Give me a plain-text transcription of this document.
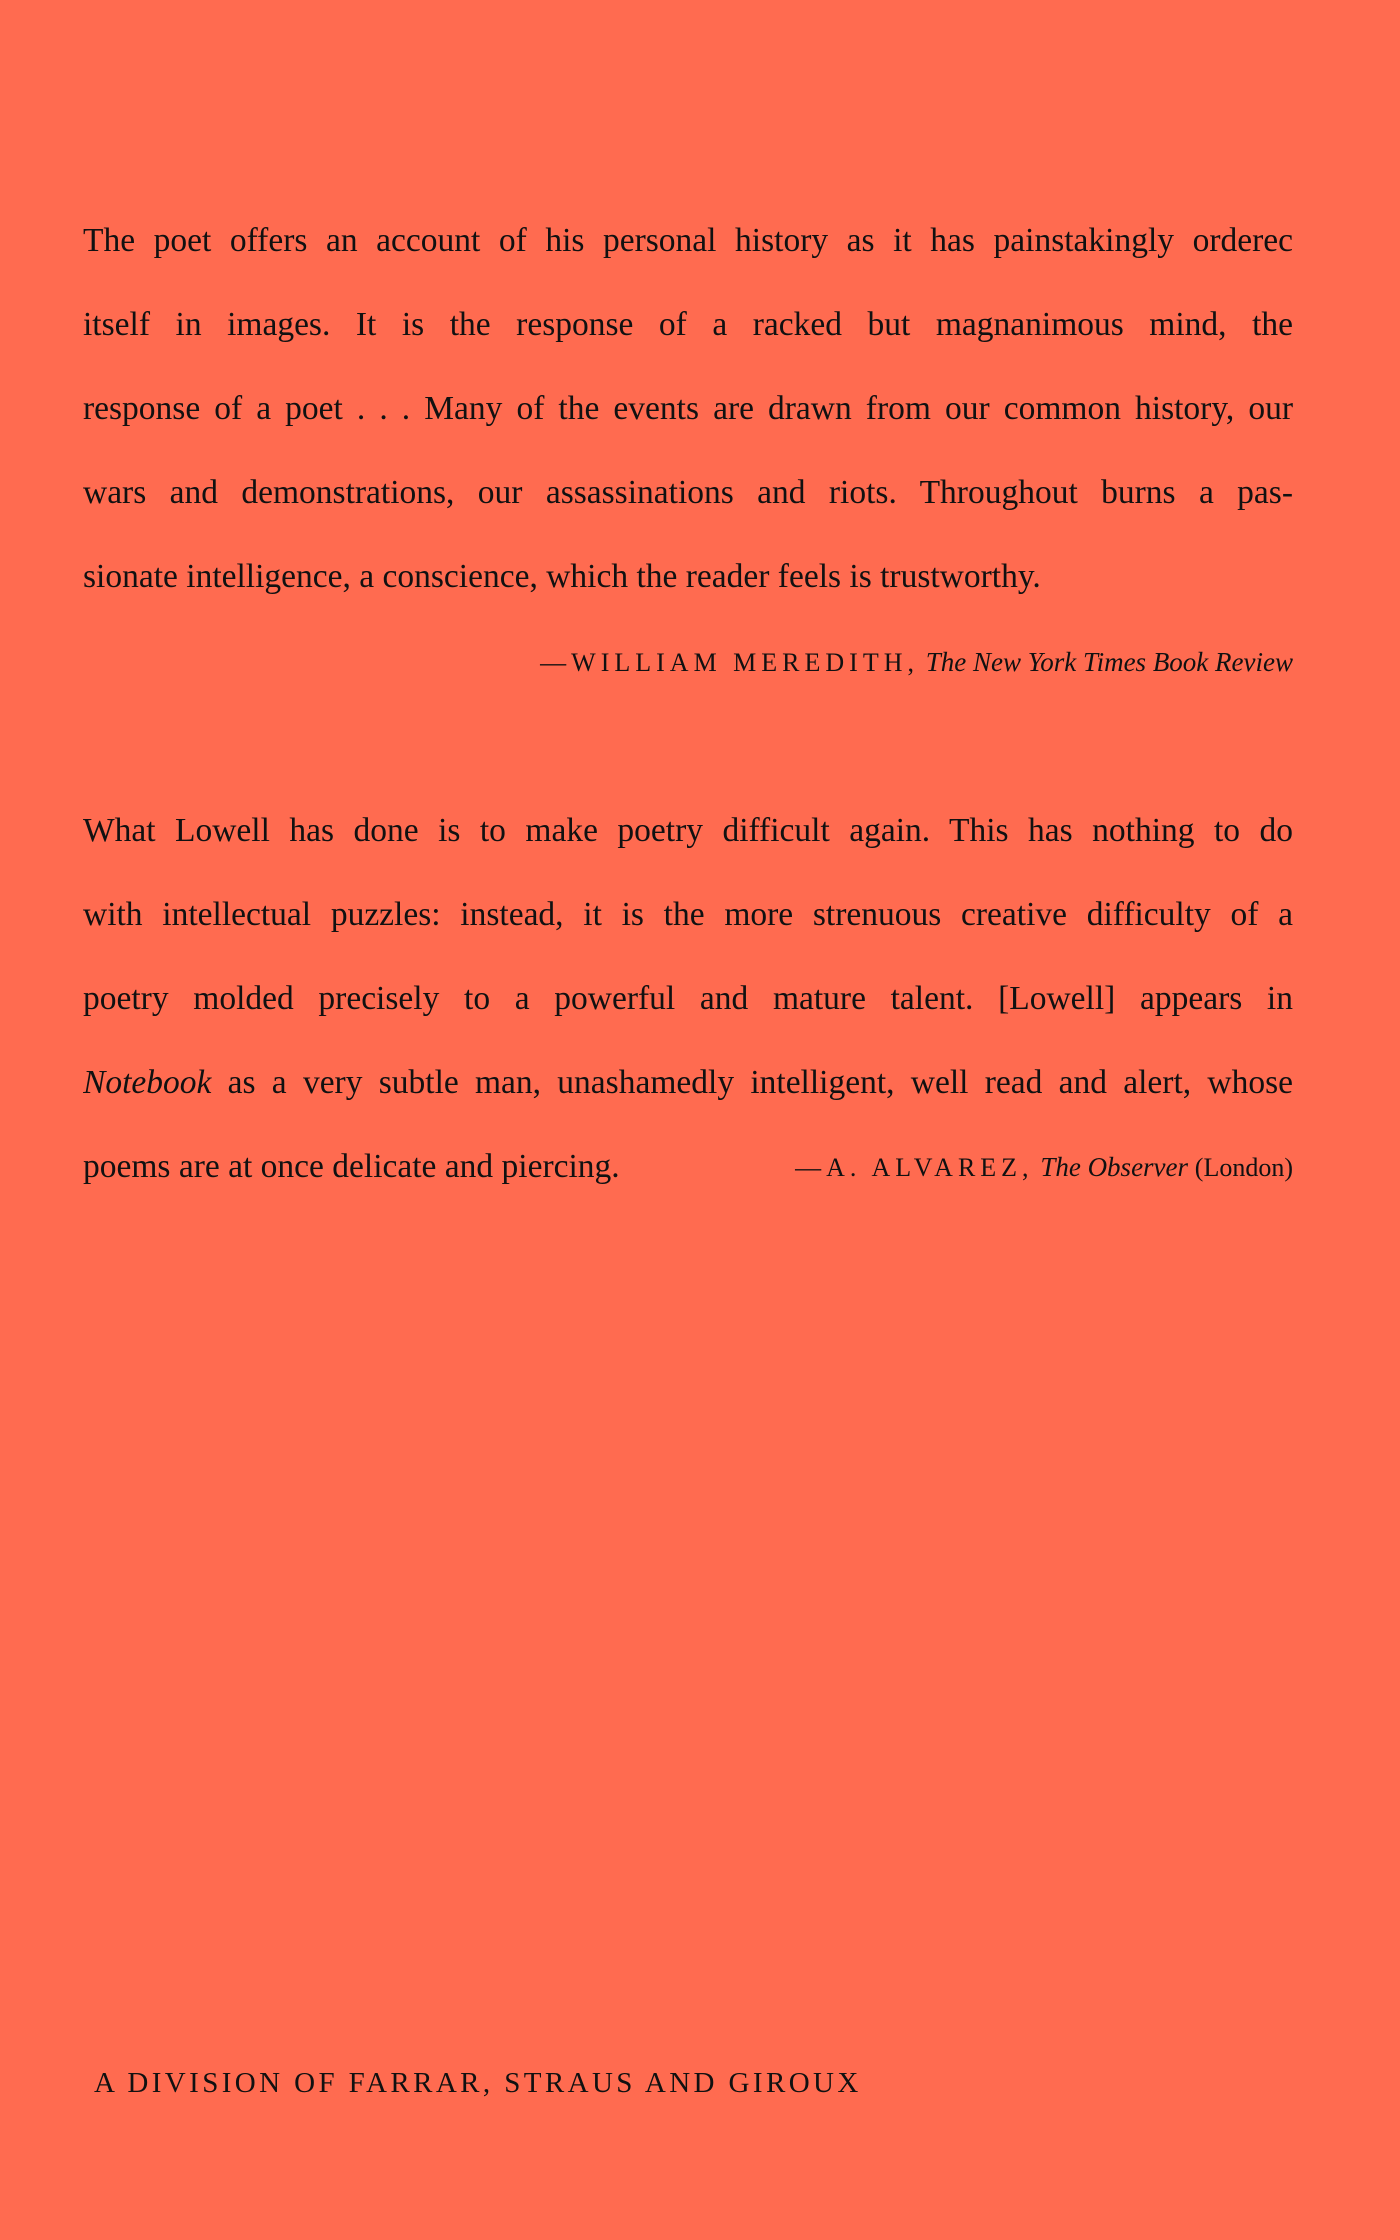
The poet offers an account of his personal history as it has painstakingly orderec
itself in images. It is the response of a racked but magnanimous mind, the
response of a poet . . . Many of the events are drawn from our common history, our
wars and demonstrations, our assassinations and riots. Throughout burns a pas-
sionate intelligence, a conscience, which the reader feels is trustworthy.
—WILLIAM MEREDITH, The New York Times Book Review
What Lowell has done is to make poetry difficult again. This has nothing to do
with intellectual puzzles: instead, it is the more strenuous creative difficulty of a
poetry molded precisely to a powerful and mature talent. [Lowell] appears in
Notebook as a very subtle man, unashamedly intelligent, well read and alert, whose
poems are at once delicate and piercing.	—A. ALVAREZ, The Observer (London)
A DIVISION OF FARRAR, STRAUS AND GIROUX
